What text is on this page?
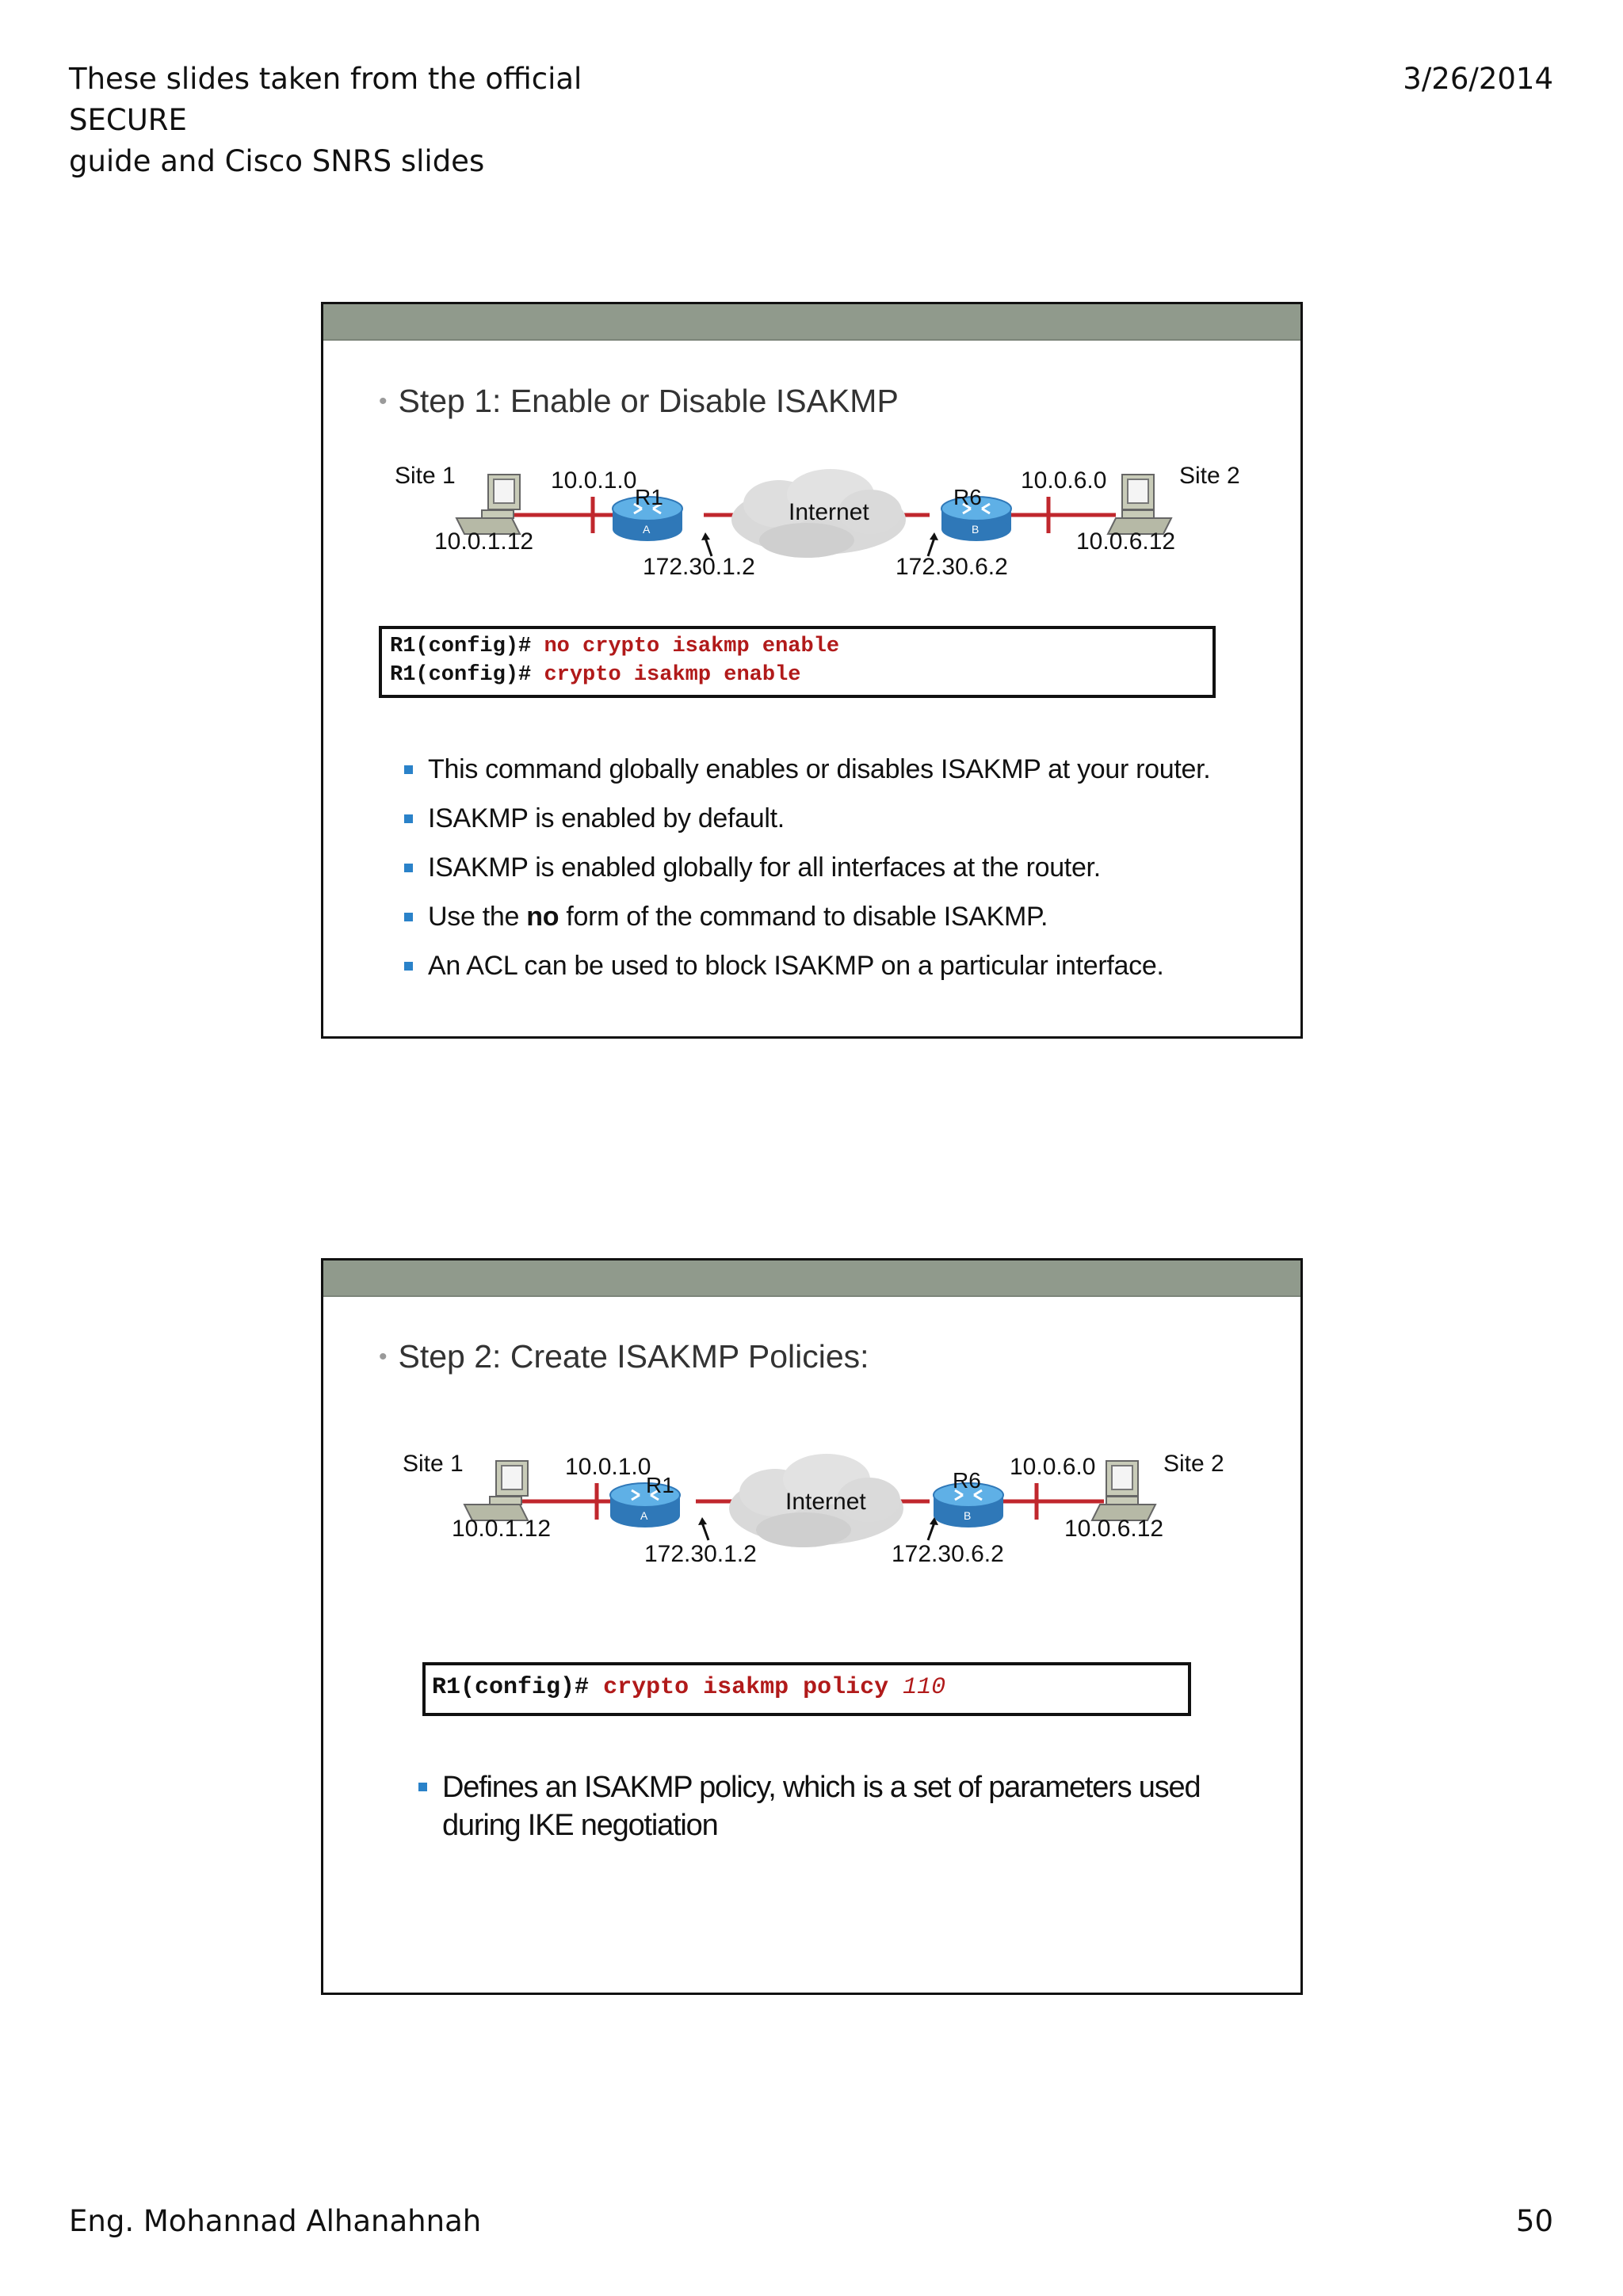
These slides taken from the official SECURE
guide and Cisco SNRS slides
3/26/2014
• Step 1: Enable or Disable ISAKMP
Site 1	Site 2
10.0.1.0	10.0.6.0
R1	R6
A	B
Internet
10.0.1.12	10.0.6.12
172.30.1.2	172.30.6.2
R1(config)# no crypto isakmp enable
R1(config)# crypto isakmp enable
This command globally enables or disables ISAKMP at your router.
ISAKMP is enabled by default.
ISAKMP is enabled globally for all interfaces at the router.
Use the no form of the command to disable ISAKMP.
An ACL can be used to block ISAKMP on a particular interface.
• Step 2: Create ISAKMP Policies:
Site 1	Site 2
10.0.1.0	10.0.6.0
R1	R6
A	B
Internet
10.0.1.12	10.0.6.12
172.30.1.2	172.30.6.2
R1(config)# crypto isakmp policy 110
Defines an ISAKMP policy, which is a set of parameters used during IKE negotiation
Eng. Mohannad Alhanahnah	50
